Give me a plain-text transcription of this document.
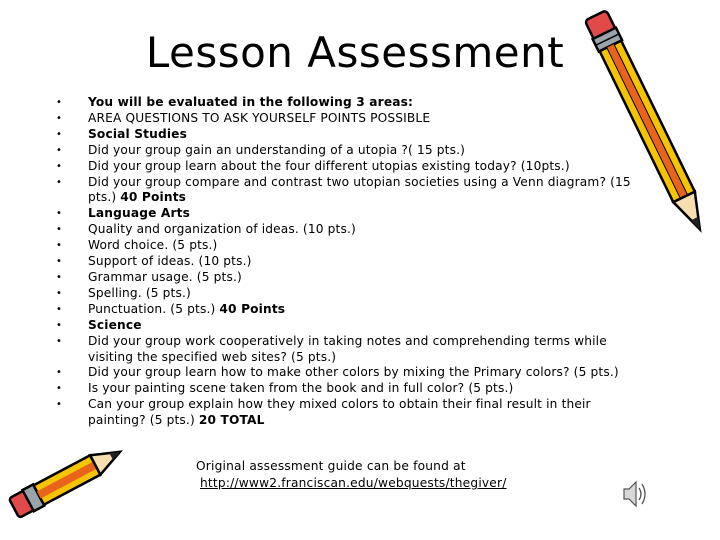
Lesson Assessment
• You will be evaluated in the following 3 areas:
• AREA QUESTIONS TO ASK YOURSELF POINTS POSSIBLE
• Social Studies
• Did your group gain an understanding of a utopia ?( 15 pts.)
• Did your group learn about the four different utopias existing today? (10pts.)
• Did your group compare and contrast two utopian societies using a Venn diagram? (15 pts.) 40 Points
• Language Arts
• Quality and organization of ideas. (10 pts.)
• Word choice. (5 pts.)
• Support of ideas. (10 pts.)
• Grammar usage. (5 pts.)
• Spelling. (5 pts.)
• Punctuation. (5 pts.) 40 Points
• Science
• Did your group work cooperatively in taking notes and comprehending terms while visiting the specified web sites? (5 pts.)
• Did your group learn how to make other colors by mixing the Primary colors? (5 pts.)
• Is your painting scene taken from the book and in full color? (5 pts.)
• Can your group explain how they mixed colors to obtain their final result in their painting? (5 pts.) 20 TOTAL
Original assessment guide can be found at
http://www2.franciscan.edu/webquests/thegiver/
